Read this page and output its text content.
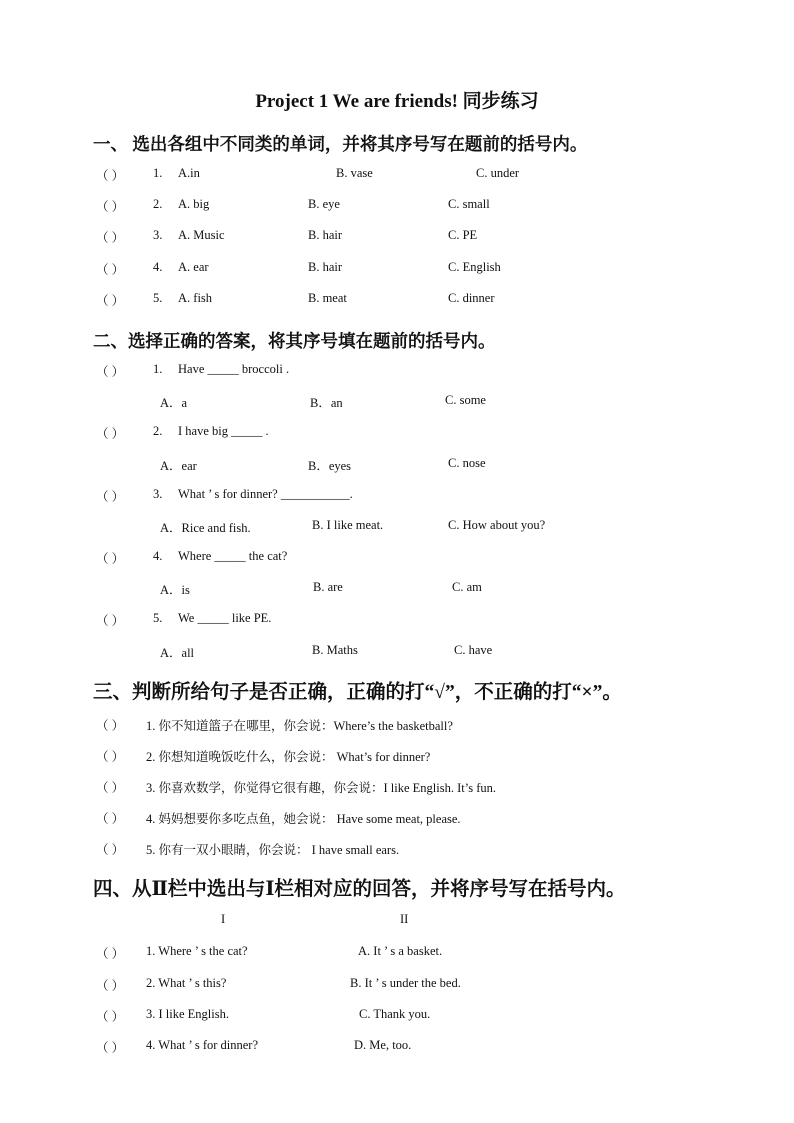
Project 1 We are friends! 同步练习
一、 选出各组中不同类的单词，并将其序号写在题前的括号内。
（ ） 1. A.in	B. vase	C. under
（ ） 2. A. big	B. eye	C. small
（ ） 3. A. Music	B. hair	C. PE
（ ） 4. A. ear	B. hair	C. English
（ ） 5. A. fish	B. meat	C. dinner
二、选择正确的答案，将其序号填在题前的括号内。
（ ） 1. Have _____ broccoli .
A．a	B．an	C. some
（ ） 2. I have big _____ .
A．ear	B．eyes	C. nose
（ ） 3. What ’ s for dinner? ___________.
A．Rice and fish.	B. I like meat.	C. How about you?
（ ） 4. Where _____ the cat?
A．is	B. are	C. am
（ ） 5. We _____ like PE.
A．all	B. Maths	C. have
三、判断所给句子是否正确，正确的打“√”，不正确的打“×”。
（ ） 1. 你不知道篮子在哪里，你会说：Where’s the basketball?
（ ） 2. 你想知道晚饭吃什么，你会说： What’s for dinner?
（ ） 3. 你喜欢数学，你觉得它很有趣，你会说：I like English. It’s fun.
（ ） 4. 妈妈想要你多吃点鱼，她会说： Have some meat, please.
（ ） 5. 你有一双小眼睛，你会说： I have small ears.
四、从Ⅱ栏中选出与Ⅰ栏相对应的回答，并将序号写在括号内。
I	II
（ ） 1. Where ’ s the cat?	A. It ’ s a basket.
（ ） 2. What ’ s this?	B. It ’ s under the bed.
（ ） 3. I like English.	C. Thank you.
（ ） 4. What ’ s for dinner?	D. Me, too.
